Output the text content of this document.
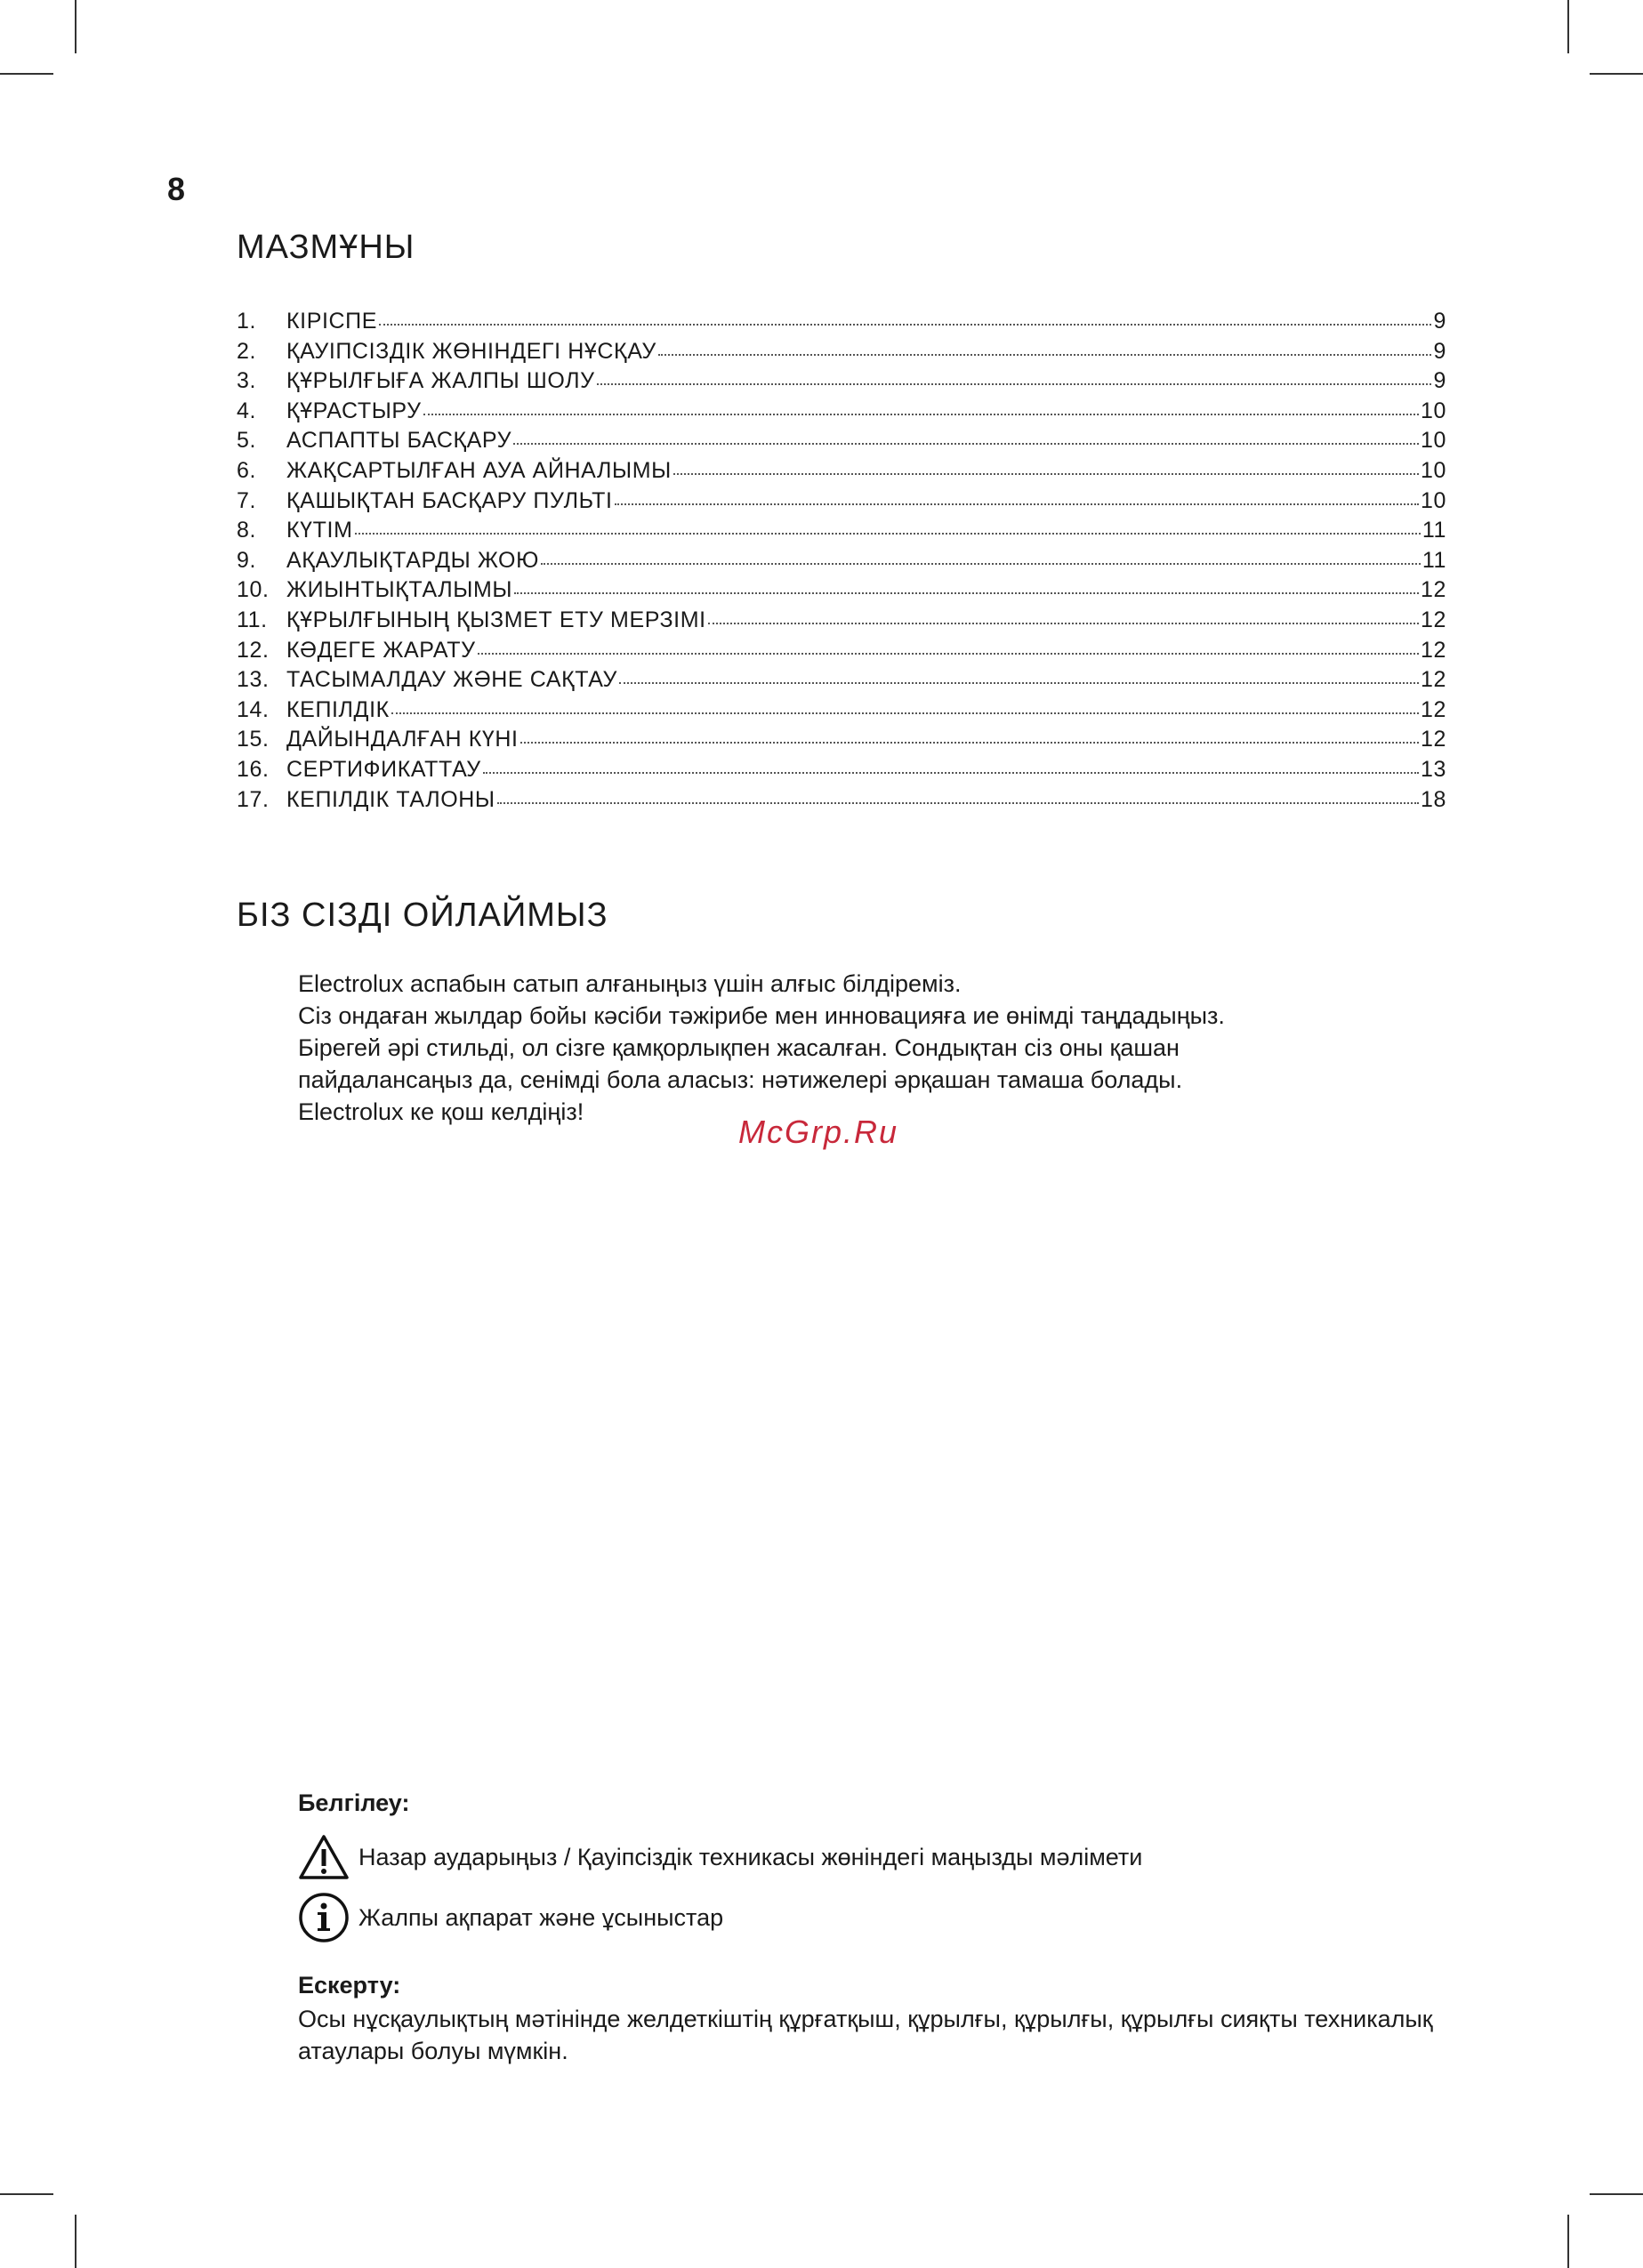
8
МАЗМҰНЫ
1.	КІРІСПЕ	9
2.	ҚАУІПСІЗДІК ЖӨНІНДЕГІ НҰСҚАУ	9
3.	ҚҰРЫЛҒЫҒА ЖАЛПЫ ШОЛУ	9
4.	ҚҰРАСТЫРУ	10
5.	АСПАПТЫ БАСҚАРУ	10
6.	ЖАҚСАРТЫЛҒАН АУА АЙНАЛЫМЫ	10
7.	ҚАШЫҚТАН БАСҚАРУ ПУЛЬТІ	10
8.	КҮТІМ	11
9.	АҚАУЛЫҚТАРДЫ ЖОЮ	11
10. ЖИЫНТЫҚТАЛЫМЫ	12
11. ҚҰРЫЛҒЫНЫҢ ҚЫЗМЕТ ЕТУ МЕРЗІМІ	12
12. КӘДЕГЕ ЖАРАТУ	12
13. ТАСЫМАЛДАУ ЖӘНЕ САҚТАУ	12
14. КЕПІЛДІК	12
15. ДАЙЫНДАЛҒАН КҮНІ	12
16. СЕРТИФИКАТТАУ	13
17. КЕПІЛДІК ТАЛОНЫ	18
БІЗ СІЗДІ ОЙЛАЙМЫЗ

Electrolux аспабын сатып алғаныңыз үшін алғыс білдіреміз.

Сіз ондаған жылдар бойы кәсіби тәжірибе мен инновацияға ие өнімді таңдадыңыз.

Бірегей әрі стильді, ол сізге қамқорлықпен жасалған. Сондықтан сіз оны қашан

пайдалансаңыз да, сенімді бола аласыз: нәтижелері әрқашан тамаша болады.

Electrolux ке қош келдіңіз!

McGrp.Ru
Белгілеу:
Назар аударыңыз / Қауіпсіздік техникасы жөніндегі маңызды мәлімети
Жалпы ақпарат және ұсыныстар
Ескерту:
Осы нұсқаулықтың мәтінінде желдеткіштің құрғатқыш, құрылғы, құрылғы, құрылғы сияқты техникалық атаулары болуы мүмкін.
